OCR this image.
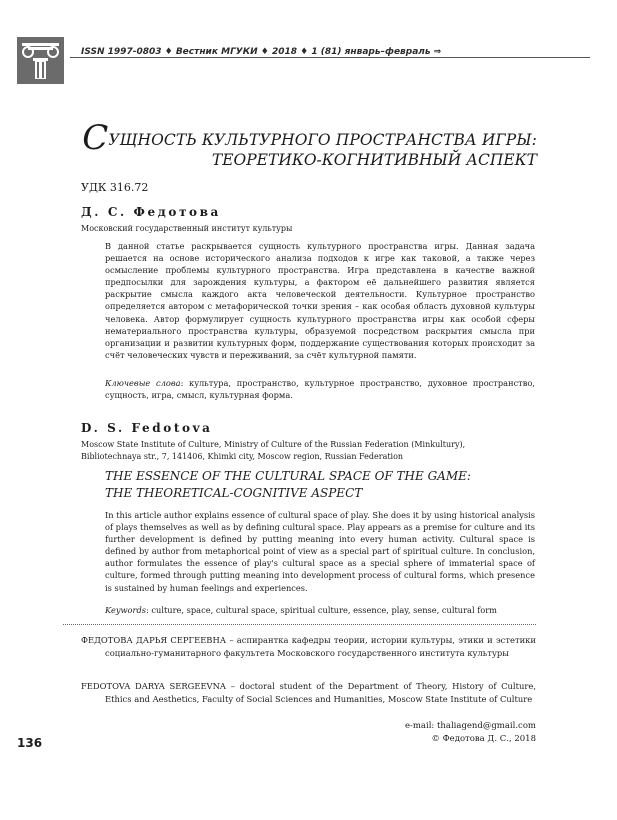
ISSN 1997-0803 ♦ Вестник МГУКИ ♦ 2018 ♦ 1 (81) январь–февраль ⇒
СУЩНОСТЬ КУЛЬТУРНОГО ПРОСТРАНСТВА ИГРЫ:
ТЕОРЕТИКО-КОГНИТИВНЫЙ АСПЕКТ
УДК 316.72
Д. С. Федотова
Московский государственный институт культуры
В данной статье раскрывается сущность культурного пространства игры. Данная задача решается на основе исторического анализа подходов к игре как таковой, а также через осмысление проблемы культурного пространства. Игра представлена в качестве важной предпосылки для зарождения культуры, а фактором её дальнейшего развития является раскрытие смысла каждого акта человеческой деятельности. Культурное пространство определяется автором с метафорической точки зрения – как особая область духовной культуры человека. Автор формулирует сущность культурного пространства игры как особой сферы нематериального пространства культуры, образуемой посредством раскрытия смысла при организации и развитии культурных форм, поддержание существования которых происходит за счёт человеческих чувств и переживаний, за счёт культурной памяти.
Ключевые слова: культура, пространство, культурное пространство, духовное пространство, сущность, игра, смысл, культурная форма.
D. S. Fedotova
Moscow State Institute of Culture, Ministry of Culture of the Russian Federation (Minkultury),
Bibliotechnaya str., 7, 141406, Khimki city, Moscow region, Russian Federation
THE ESSENCE OF THE CULTURAL SPACE OF THE GAME:
THE THEORETICAL-COGNITIVE ASPECT
In this article author explains essence of cultural space of play. She does it by using historical analysis of plays themselves as well as by defining cultural space. Play appears as a premise for culture and its further development is defined by putting meaning into every human activity. Cultural space is defined by author from metaphorical point of view as a special part of spiritual culture. In conclusion, author formulates the essence of play's cultural space as a special sphere of immaterial space of culture, formed through putting meaning into development process of cultural forms, which presence is sustained by human feelings and experiences.
Keywords: culture, space, cultural space, spiritual culture, essence, play, sense, cultural form
ФЕДОТОВА ДАРЬЯ СЕРГЕЕВНА – аспирантка кафедры теории, истории культуры, этики и эстетики социально-гуманитарного факультета Московского государственного института культуры
FEDOTOVA DARYA SERGEEVNA – doctoral student of the Department of Theory, History of Culture, Ethics and Aesthetics, Faculty of Social Sciences and Humanities, Moscow State Institute of Culture
e-mail: thaliagend@gmail.com
© Федотова Д. С., 2018
136
